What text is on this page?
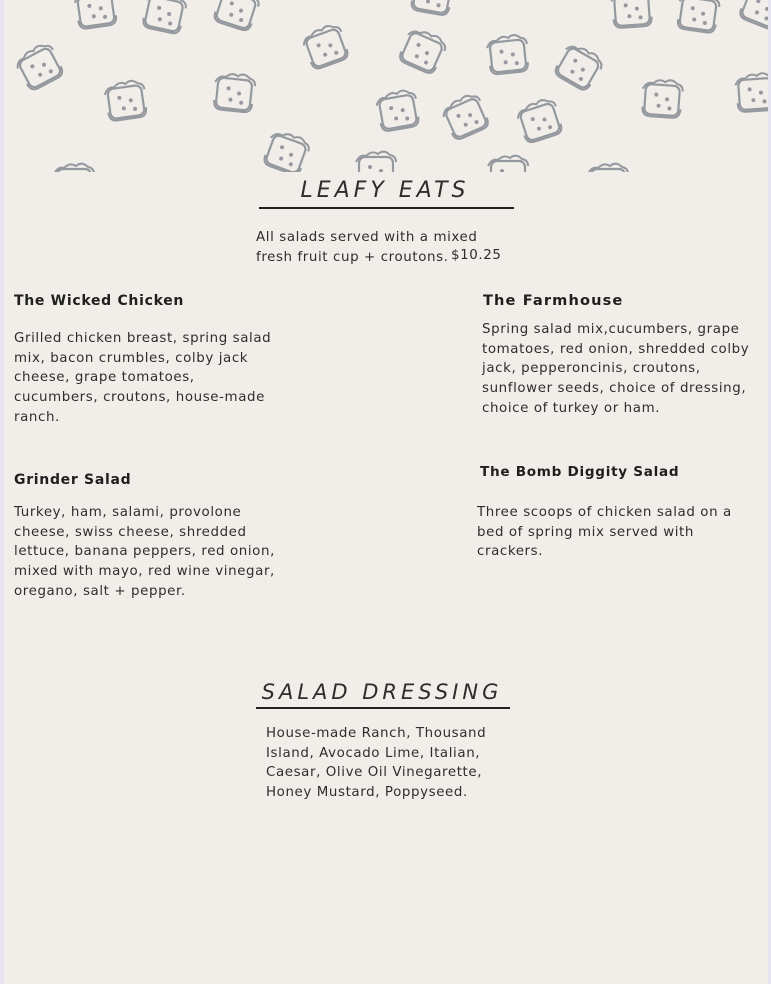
LEAFY EATS
All salads served with a mixed fresh fruit cup + croutons. $10.25
The Wicked Chicken
Grilled chicken breast, spring salad mix, bacon crumbles, colby jack cheese, grape tomatoes, cucumbers, croutons, house-made ranch.
The Farmhouse
Spring salad mix,cucumbers, grape tomatoes, red onion, shredded colby jack, pepperoncinis, croutons, sunflower seeds, choice of dressing, choice of turkey or ham.
Grinder Salad
Turkey, ham, salami, provolone cheese, swiss cheese, shredded lettuce, banana peppers, red onion, mixed with mayo, red wine vinegar, oregano, salt + pepper.
The Bomb Diggity Salad
Three scoops of chicken salad on a bed of spring mix served with crackers.
SALAD DRESSING
House-made Ranch, Thousand Island, Avocado Lime, Italian, Caesar, Olive Oil Vinegarette, Honey Mustard, Poppyseed.
